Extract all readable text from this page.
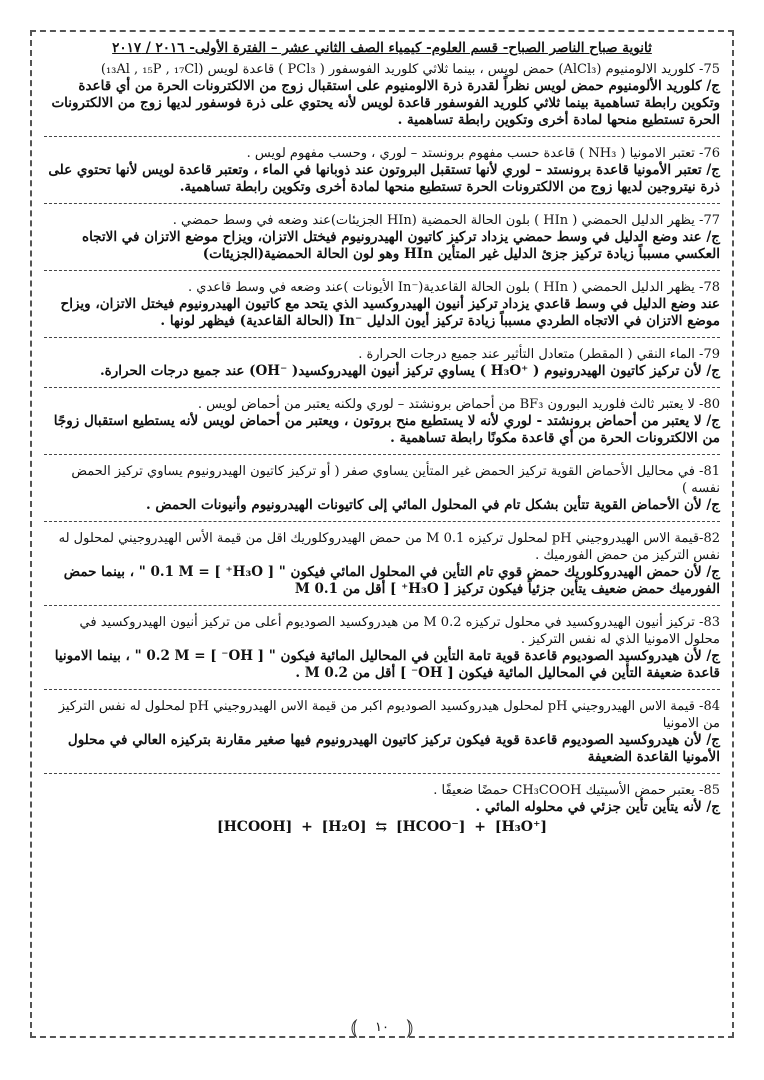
ثانوية صباح الناصر الصباح- قسم العلوم- كيمياء الصف الثاني عشر – الفترة الأولى- ٢٠١٦ / ٢٠١٧

75- كلوريد الالومنيوم (AlCl₃) حمض لويس ، بينما ثلاثي كلوريد الفوسفور ( PCl₃ ) قاعدة لويس (₁₃Al , ₁₅P , ₁₇Cl)

ج/ كلوريد الألومنيوم حمض لويس نظراً لقدرة ذرة الالومنيوم على استقبال زوج من الالكترونات الحرة من أي قاعدة وتكوين رابطة تساهمية بينما ثلاثي كلوريد الفوسفور قاعدة لويس لأنه يحتوي على ذرة فوسفور لديها زوج من الالكترونات الحرة تستطيع منحها لمادة أخرى وتكوين رابطة تساهمية .

76- تعتبر الامونيا ( NH₃ ) قاعدة حسب مفهوم برونستد – لوري ، وحسب مفهوم لويس .

ج/ تعتبر الأمونيا قاعدة برونستد – لوري لأنها تستقبل البروتون عند ذوبانها في الماء ، وتعتبر قاعدة لويس لأنها تحتوي على ذرة نيتروجين لديها زوج من الالكترونات الحرة تستطيع منحها لمادة أخرى وتكوين رابطة تساهمية.

77- يظهر الدليل الحمضي ( HIn ) بلون الحالة الحمضية (HIn الجزيئات)عند وضعه في وسط حمضي .

ج/ عند وضع الدليل في وسط حمضي يزداد تركيز كاتيون الهيدرونيوم فيختل الاتزان، ويزاح موضع الاتزان في الاتجاه العكسي مسبباً زيادة تركيز جزئ الدليل غير المتأين HIn وهو لون الحالة الحمضية(الجزيئات)

78- يظهر الدليل الحمضي ( HIn ) بلون الحالة القاعدية(⁻In الأيونات )عند وضعه في وسط قاعدي .

عند وضع الدليل في وسط قاعدي يزداد تركيز أنيون الهيدروكسيد الذي يتحد مع كاتيون الهيدرونيوم فيختل الاتزان، ويزاح موضع الاتزان في الاتجاه الطردي مسبباً زيادة تركيز أيون الدليل ⁻In (الحالة القاعدية) فيظهر لونها .

79- الماء النقي ( المقطر) متعادل التأثير عند جميع درجات الحرارة .

ج/ لأن تركيز كاتيون الهيدرونيوم ( ⁺H₃O ) يساوي تركيز أنيون الهيدروكسيد( ⁻OH) عند جميع درجات الحرارة.

80- لا يعتبر ثالث فلوريد البورون BF₃ من أحماض برونشتد – لوري ولكنه يعتبر من أحماض لويس .

ج/ لا يعتبر من أحماض برونشتد - لوري لأنه لا يستطيع منح بروتون ، ويعتبر من أحماض لويس لأنه يستطيع استقبال زوجًا من الالكترونات الحرة من أي قاعدة مكونًا رابطة تساهمية .

81- في محاليل الأحماض القوية تركيز الحمض غير المتأين يساوي صفر ( أو تركيز كاتيون الهيدرونيوم يساوي تركيز الحمض نفسه )

ج/ لأن الأحماض القوية تتأين بشكل تام في المحلول المائي إلى كاتيونات الهيدرونيوم وأنيونات الحمض .

82-قيمة الاس الهيدروجيني pH لمحلول تركيزه 0.1 M من حمض الهيدروكلوريك اقل من قيمة الأس الهيدروجيني لمحلول له نفس التركيز من حمض الفورميك .

ج/ لأن حمض الهيدروكلوريك حمض قوي تام التأين في المحلول المائي فيكون " [ H₃O⁺ ] = 0.1 M " ، بينما حمض الفورميك حمض ضعيف يتأين جزئياً فيكون تركيز [ H₃O⁺ ] أقل من 0.1 M

83- تركيز أنيون الهيدروكسيد في محلول تركيزه 0.2 M من هيدروكسيد الصوديوم أعلى من تركيز أنيون الهيدروكسيد في محلول الامونيا الذي له نفس التركيز .

ج/ لأن هيدروكسيد الصوديوم قاعدة قوية تامة التأين في المحاليل المائية فيكون " [ OH⁻ ] = 0.2 M " ، بينما الامونيا قاعدة ضعيفة التأين في المحاليل المائية فيكون [ OH⁻ ] أقل من 0.2 M .

84- قيمة الاس الهيدروجيني pH لمحلول هيدروكسيد الصوديوم اكبر من قيمة الاس الهيدروجيني pH لمحلول له نفس التركيز من الامونيا

ج/ لأن هيدروكسيد الصوديوم قاعدة قوية فيكون تركيز كاتيون الهيدرونيوم فيها صغير مقارنة بتركيزه العالي في محلول الأمونيا القاعدة الضعيفة

85- يعتبر حمض الأسيتيك CH₃COOH حمضًا ضعيفًا .

ج/ لأنه يتأين تأين جزئي في محلوله المائي .

[HCOOH] + [H₂O] ⇆ [HCOO⁻] + [H₃O⁺]
⦅ ١٠ ⦆
